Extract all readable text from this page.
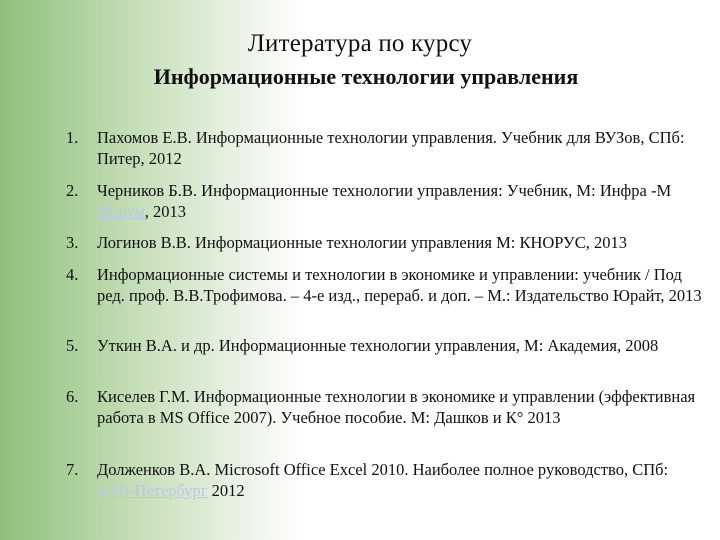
Литература по курсу
Информационные технологии управления
1. Пахомов Е.В. Информационные технологии управления. Учебник для ВУЗов, СПб: Питер, 2012
2. Черников Б.В. Информационные технологии управления: Учебник, М: Инфра -М Форум, 2013
3. Логинов В.В. Информационные технологии управления М: КНОРУС, 2013
4. Информационные системы и технологии в экономике и управлении: учебник / Под ред. проф. В.В.Трофимова. – 4-е изд., перераб. и доп. – М.: Издательство Юрайт, 2013
5. Уткин В.А. и др. Информационные технологии управления, М: Академия, 2008
6. Киселев Г.М. Информационные технологии в экономике и управлении (эффективная работа в MS Office 2007). Учебное пособие. М: Дашков и К° 2013
7. Долженков В.А. Microsoft Office Excel 2010. Наиболее полное руководство, СПб: БХВ-Петербург 2012
